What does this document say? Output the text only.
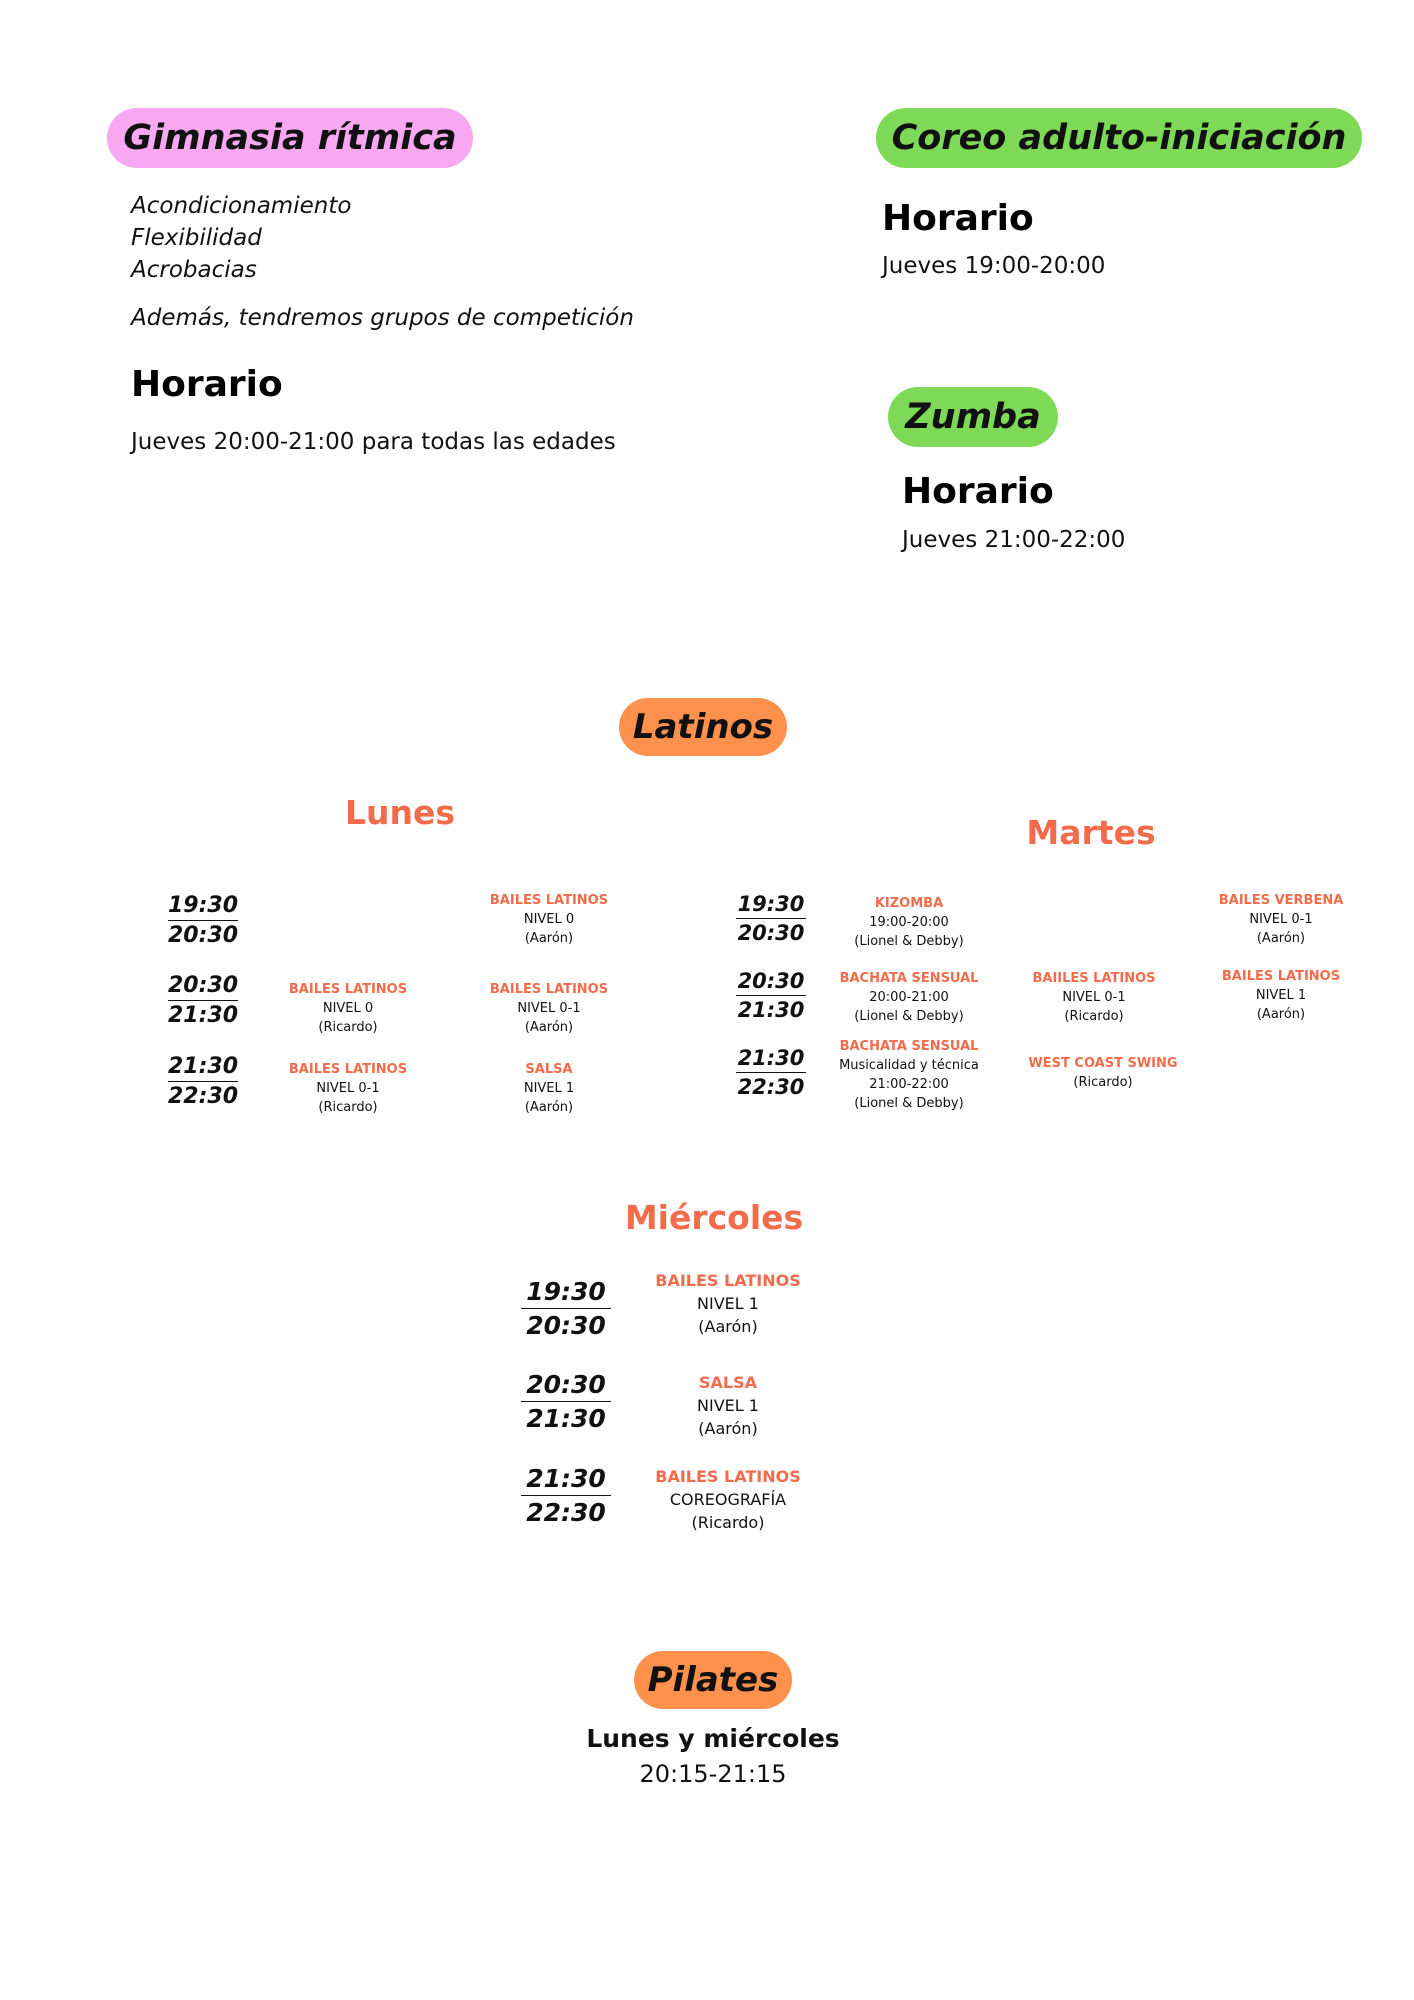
Gimnasia rítmica
Acondicionamiento
Flexibilidad
Acrobacias
Además, tendremos grupos de competición
Horario
Jueves 20:00-21:00 para todas las edades
Coreo adulto-iniciación
Horario
Jueves 19:00-20:00
Zumba
Horario
Jueves 21:00-22:00
Latinos
Lunes
19:30
20:30
20:30
21:30
21:30
22:30
BAILES LATINOS
NIVEL 0
(Aarón)
BAILES LATINOS
NIVEL 0
(Ricardo)
BAILES LATINOS
NIVEL 0-1
(Aarón)
BAILES LATINOS
NIVEL 0-1
(Ricardo)
SALSA
NIVEL 1
(Aarón)
Martes
19:30
20:30
20:30
21:30
21:30
22:30
KIZOMBA
19:00-20:00
(Lionel & Debby)
BAILES VERBENA
NIVEL 0-1
(Aarón)
BACHATA SENSUAL
20:00-21:00
(Lionel & Debby)
BAIILES LATINOS
NIVEL 0-1
(Ricardo)
BAILES LATINOS
NIVEL 1
(Aarón)
BACHATA SENSUAL
Musicalidad y técnica
21:00-22:00
(Lionel & Debby)
WEST COAST SWING
(Ricardo)
Miércoles
19:30
20:30
20:30
21:30
21:30
22:30
BAILES LATINOS
NIVEL 1
(Aarón)
SALSA
NIVEL 1
(Aarón)
BAILES LATINOS
COREOGRAFÍA
(Ricardo)
Pilates
Lunes y miércoles
20:15-21:15
